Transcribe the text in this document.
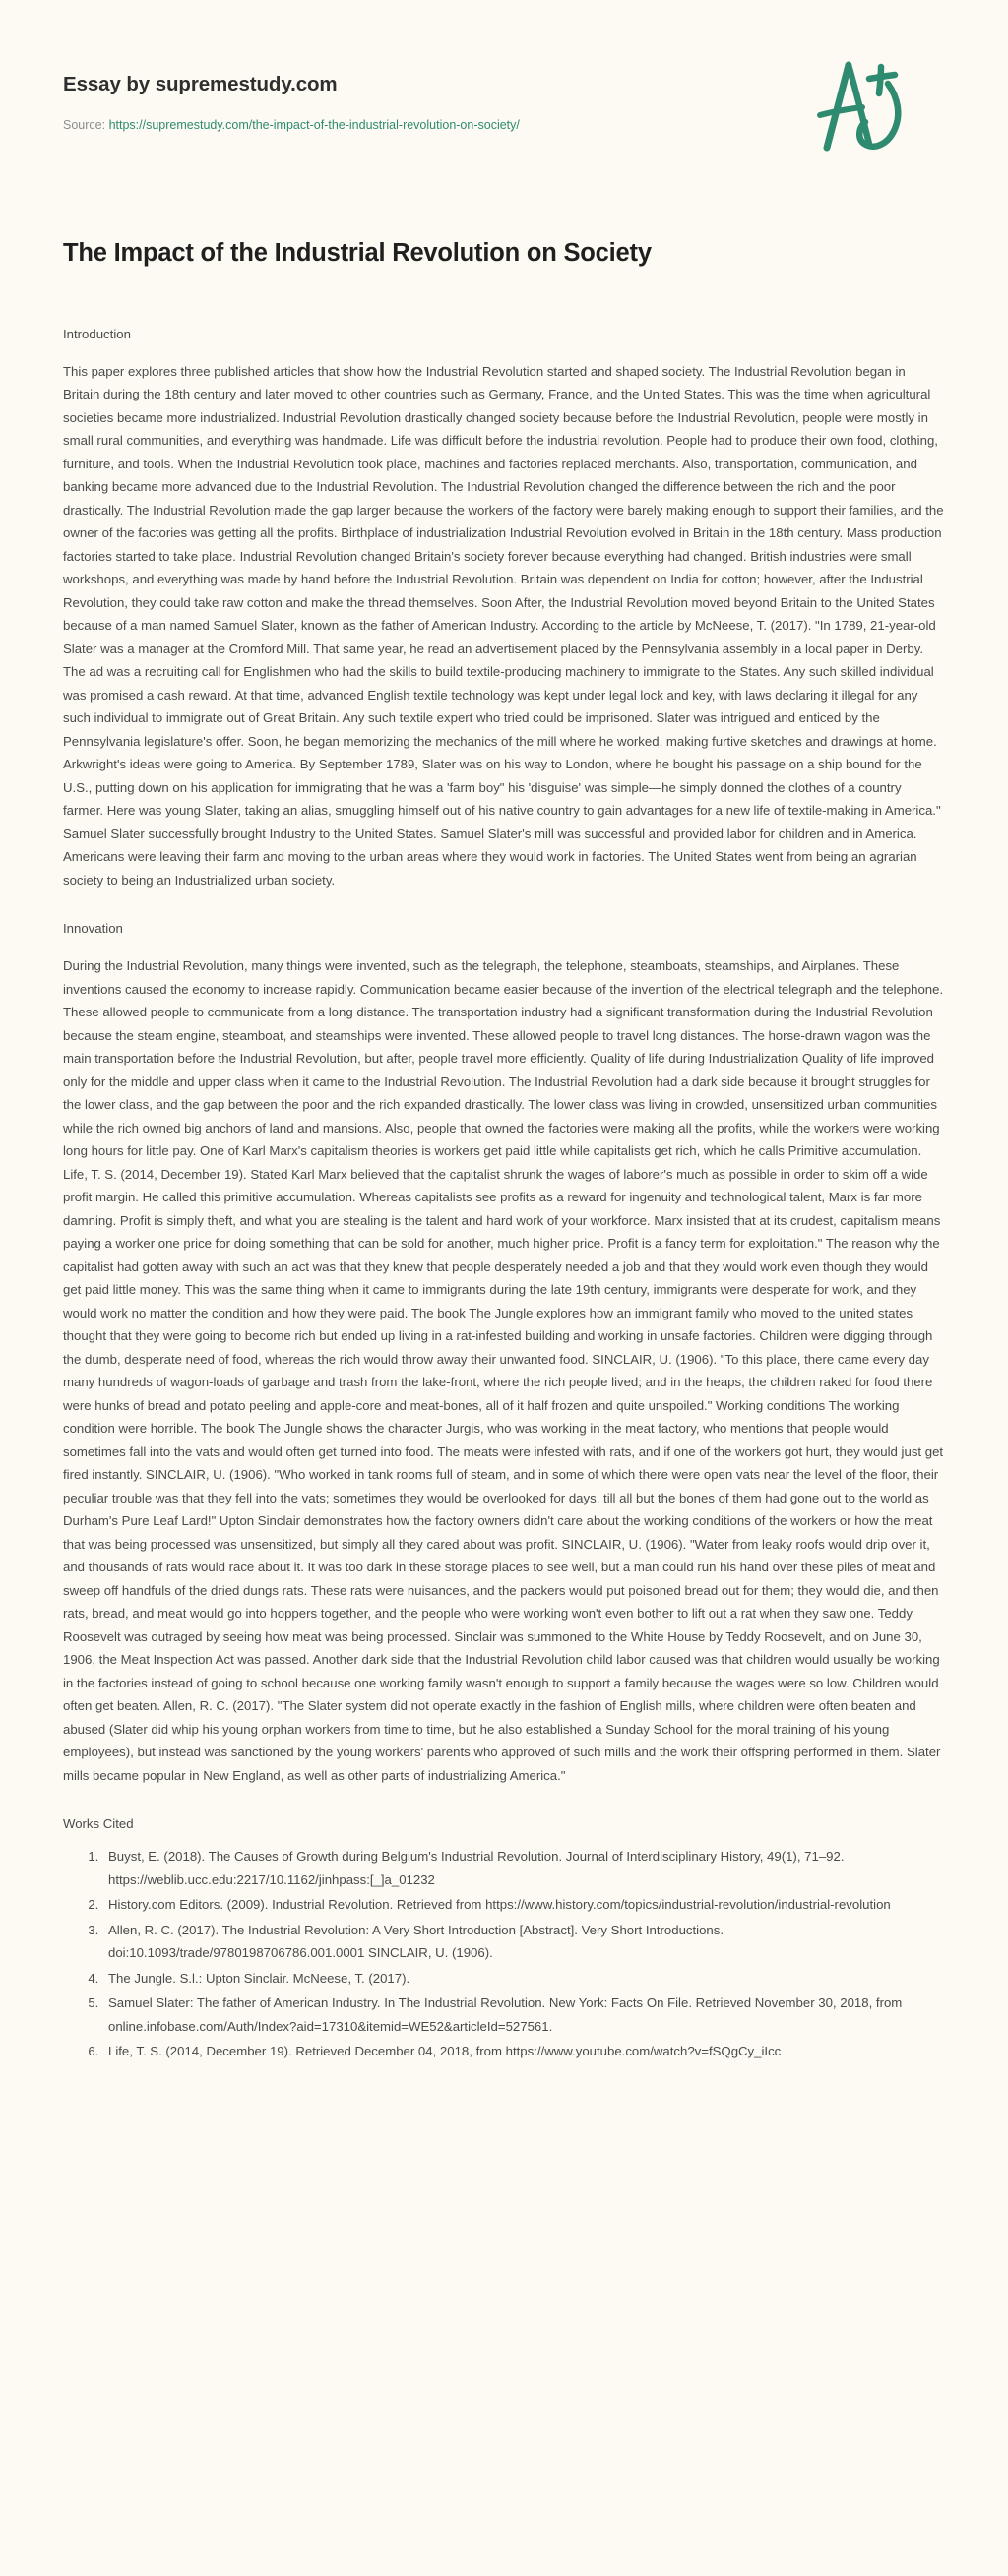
Essay by supremestudy.com
Source: https://supremestudy.com/the-impact-of-the-industrial-revolution-on-society/
The Impact of the Industrial Revolution on Society
Introduction

This paper explores three published articles that show how the Industrial Revolution started and shaped society. The Industrial Revolution began in Britain during the 18th century and later moved to other countries such as Germany, France, and the United States. This was the time when agricultural societies became more industrialized. Industrial Revolution drastically changed society because before the Industrial Revolution, people were mostly in small rural communities, and everything was handmade. Life was difficult before the industrial revolution. People had to produce their own food, clothing, furniture, and tools. When the Industrial Revolution took place, machines and factories replaced merchants. Also, transportation, communication, and banking became more advanced due to the Industrial Revolution. The Industrial Revolution changed the difference between the rich and the poor drastically. The Industrial Revolution made the gap larger because the workers of the factory were barely making enough to support their families, and the owner of the factories was getting all the profits. Birthplace of industrialization Industrial Revolution evolved in Britain in the 18th century. Mass production factories started to take place. Industrial Revolution changed Britain's society forever because everything had changed. British industries were small workshops, and everything was made by hand before the Industrial Revolution. Britain was dependent on India for cotton; however, after the Industrial Revolution, they could take raw cotton and make the thread themselves. Soon After, the Industrial Revolution moved beyond Britain to the United States because of a man named Samuel Slater, known as the father of American Industry. According to the article by McNeese, T. (2017). "In 1789, 21-year-old Slater was a manager at the Cromford Mill. That same year, he read an advertisement placed by the Pennsylvania assembly in a local paper in Derby. The ad was a recruiting call for Englishmen who had the skills to build textile-producing machinery to immigrate to the States. Any such skilled individual was promised a cash reward. At that time, advanced English textile technology was kept under legal lock and key, with laws declaring it illegal for any such individual to immigrate out of Great Britain. Any such textile expert who tried could be imprisoned. Slater was intrigued and enticed by the Pennsylvania legislature's offer. Soon, he began memorizing the mechanics of the mill where he worked, making furtive sketches and drawings at home. Arkwright's ideas were going to America. By September 1789, Slater was on his way to London, where he bought his passage on a ship bound for the U.S., putting down on his application for immigrating that he was a 'farm boy" his 'disguise' was simple—he simply donned the clothes of a country farmer. Here was young Slater, taking an alias, smuggling himself out of his native country to gain advantages for a new life of textile-making in America." Samuel Slater successfully brought Industry to the United States. Samuel Slater's mill was successful and provided labor for children and in America. Americans were leaving their farm and moving to the urban areas where they would work in factories. The United States went from being an agrarian society to being an Industrialized urban society.

Innovation

During the Industrial Revolution, many things were invented, such as the telegraph, the telephone, steamboats, steamships, and Airplanes. These inventions caused the economy to increase rapidly. Communication became easier because of the invention of the electrical telegraph and the telephone. These allowed people to communicate from a long distance. The transportation industry had a significant transformation during the Industrial Revolution because the steam engine, steamboat, and steamships were invented. These allowed people to travel long distances. The horse-drawn wagon was the main transportation before the Industrial Revolution, but after, people travel more efficiently. Quality of life during Industrialization Quality of life improved only for the middle and upper class when it came to the Industrial Revolution. The Industrial Revolution had a dark side because it brought struggles for the lower class, and the gap between the poor and the rich expanded drastically. The lower class was living in crowded, unsensitized urban communities while the rich owned big anchors of land and mansions. Also, people that owned the factories were making all the profits, while the workers were working long hours for little pay. One of Karl Marx's capitalism theories is workers get paid little while capitalists get rich, which he calls Primitive accumulation. Life, T. S. (2014, December 19). Stated Karl Marx believed that the capitalist shrunk the wages of laborer's much as possible in order to skim off a wide profit margin. He called this primitive accumulation. Whereas capitalists see profits as a reward for ingenuity and technological talent, Marx is far more damning. Profit is simply theft, and what you are stealing is the talent and hard work of your workforce. Marx insisted that at its crudest, capitalism means paying a worker one price for doing something that can be sold for another, much higher price. Profit is a fancy term for exploitation." The reason why the capitalist had gotten away with such an act was that they knew that people desperately needed a job and that they would work even though they would get paid little money. This was the same thing when it came to immigrants during the late 19th century, immigrants were desperate for work, and they would work no matter the condition and how they were paid. The book The Jungle explores how an immigrant family who moved to the united states thought that they were going to become rich but ended up living in a rat-infested building and working in unsafe factories. Children were digging through the dumb, desperate need of food, whereas the rich would throw away their unwanted food. SINCLAIR, U. (1906). "To this place, there came every day many hundreds of wagon-loads of garbage and trash from the lake-front, where the rich people lived; and in the heaps, the children raked for food there were hunks of bread and potato peeling and apple-core and meat-bones, all of it half frozen and quite unspoiled." Working conditions The working condition were horrible. The book The Jungle shows the character Jurgis, who was working in the meat factory, who mentions that people would sometimes fall into the vats and would often get turned into food. The meats were infested with rats, and if one of the workers got hurt, they would just get fired instantly. SINCLAIR, U. (1906). "Who worked in tank rooms full of steam, and in some of which there were open vats near the level of the floor, their peculiar trouble was that they fell into the vats; sometimes they would be overlooked for days, till all but the bones of them had gone out to the world as Durham's Pure Leaf Lard!" Upton Sinclair demonstrates how the factory owners didn't care about the working conditions of the workers or how the meat that was being processed was unsensitized, but simply all they cared about was profit. SINCLAIR, U. (1906). "Water from leaky roofs would drip over it, and thousands of rats would race about it. It was too dark in these storage places to see well, but a man could run his hand over these piles of meat and sweep off handfuls of the dried dungs rats. These rats were nuisances, and the packers would put poisoned bread out for them; they would die, and then rats, bread, and meat would go into hoppers together, and the people who were working won't even bother to lift out a rat when they saw one. Teddy Roosevelt was outraged by seeing how meat was being processed. Sinclair was summoned to the White House by Teddy Roosevelt, and on June 30, 1906, the Meat Inspection Act was passed. Another dark side that the Industrial Revolution child labor caused was that children would usually be working in the factories instead of going to school because one working family wasn't enough to support a family because the wages were so low. Children would often get beaten. Allen, R. C. (2017). "The Slater system did not operate exactly in the fashion of English mills, where children were often beaten and abused (Slater did whip his young orphan workers from time to time, but he also established a Sunday School for the moral training of his young employees), but instead was sanctioned by the young workers' parents who approved of such mills and the work their offspring performed in them. Slater mills became popular in New England, as well as other parts of industrializing America."

Works Cited
1. Buyst, E. (2018). The Causes of Growth during Belgium's Industrial Revolution. Journal of Interdisciplinary History, 49(1), 71–92. https://weblib.ucc.edu:2217/10.1162/jinhpass:[_]a_01232
2. History.com Editors. (2009). Industrial Revolution. Retrieved from https://www.history.com/topics/industrial-revolution/industrial-revolution
3. Allen, R. C. (2017). The Industrial Revolution: A Very Short Introduction [Abstract]. Very Short Introductions. doi:10.1093/trade/9780198706786.001.0001 SINCLAIR, U. (1906).
4. The Jungle. S.l.: Upton Sinclair. McNeese, T. (2017).
5. Samuel Slater: The father of American Industry. In The Industrial Revolution. New York: Facts On File. Retrieved November 30, 2018, from online.infobase.com/Auth/Index?aid=17310&itemid=WE52&articleId=527561.
6. Life, T. S. (2014, December 19). Retrieved December 04, 2018, from https://www.youtube.com/watch?v=fSQgCy_iIcc
